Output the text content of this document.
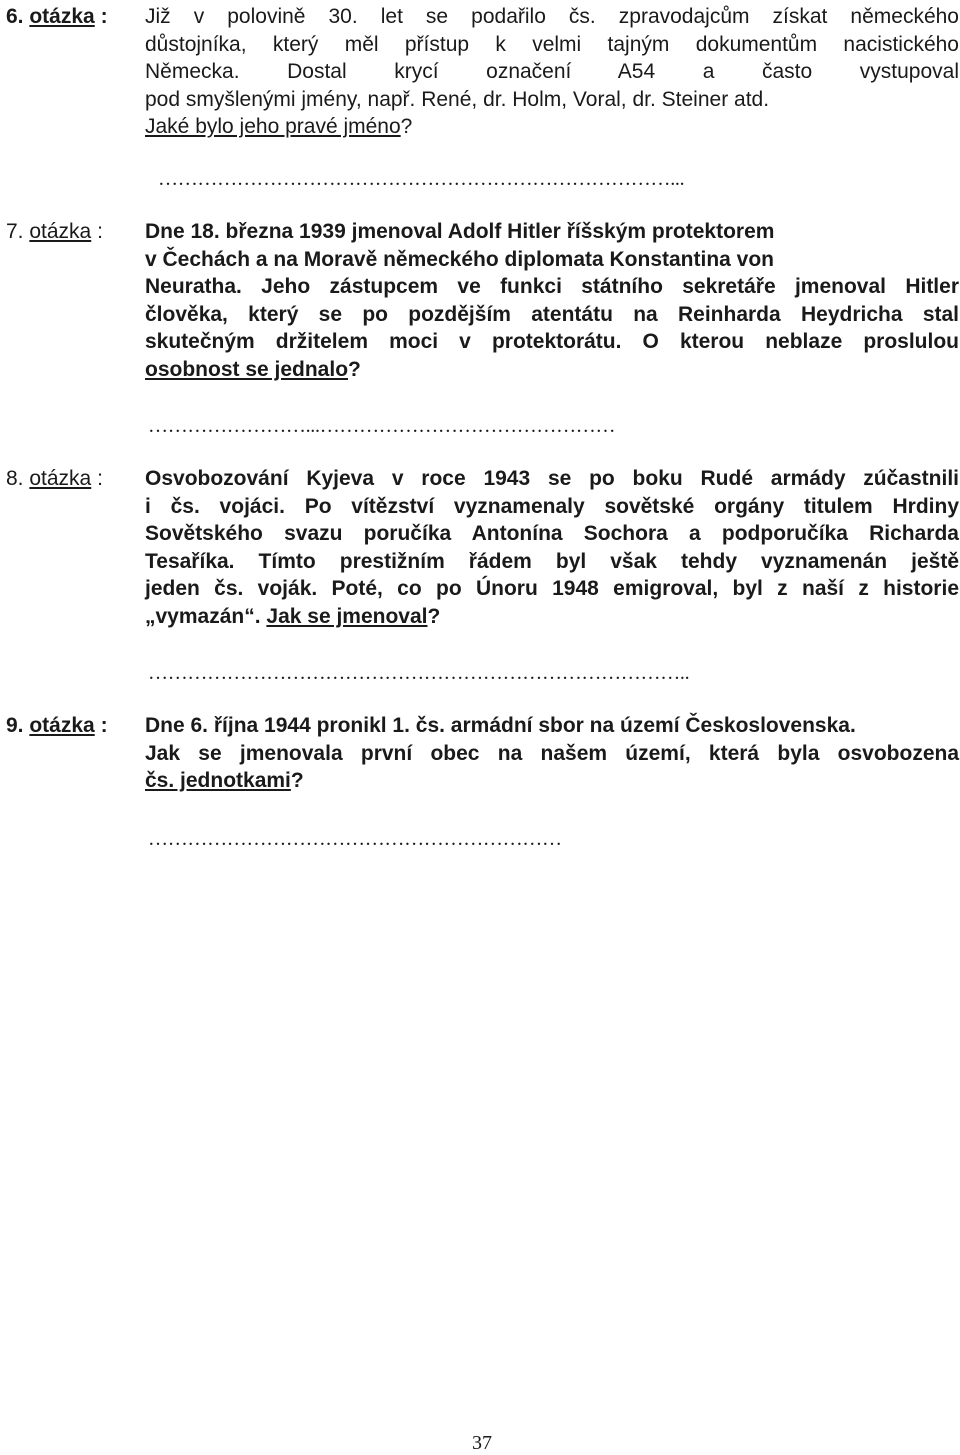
6. otázka : Již v polovině 30. let se podařilo čs. zpravodajcům získat německého
důstojníka, který měl přístup k velmi tajným dokumentům nacistického
Německa. Dostal krycí označení A54 a často vystupoval
pod smyšlenými jmény, např. René, dr. Holm, Voral, dr. Steiner atd.
Jaké bylo jeho pravé jméno?
……………………………………………………………………...
7. otázka : Dne 18. března 1939 jmenoval Adolf Hitler říšským protektorem
v Čechách a na Moravě německého diplomata Konstantina von
Neuratha. Jeho zástupcem ve funkci státního sekretáře jmenoval Hitler
člověka, který se po pozdějším atentátu na Reinharda Heydricha stal
skutečným držitelem moci v protektorátu. O kterou neblaze proslulou
osobnost se jednalo?
……………………...………………………………………
8. otázka : Osvobozování Kyjeva v roce 1943 se po boku Rudé armády zúčastnili
i čs. vojáci. Po vítězství vyznamenaly sovětské orgány titulem Hrdiny
Sovětského svazu poručíka Antonína Sochora a podporučíka Richarda
Tesaříka. Tímto prestižním řádem byl však tehdy vyznamenán ještě
jeden čs. voják. Poté, co po Únoru 1948 emigroval, byl z naší z historie
„vymazán“. Jak se jmenoval?
………………………………………………………………………..
9. otázka : Dne 6. října 1944 pronikl 1. čs. armádní sbor na území Československa.
Jak se jmenovala první obec na našem území, která byla osvobozena
čs. jednotkami?
………………………………………………………
37
